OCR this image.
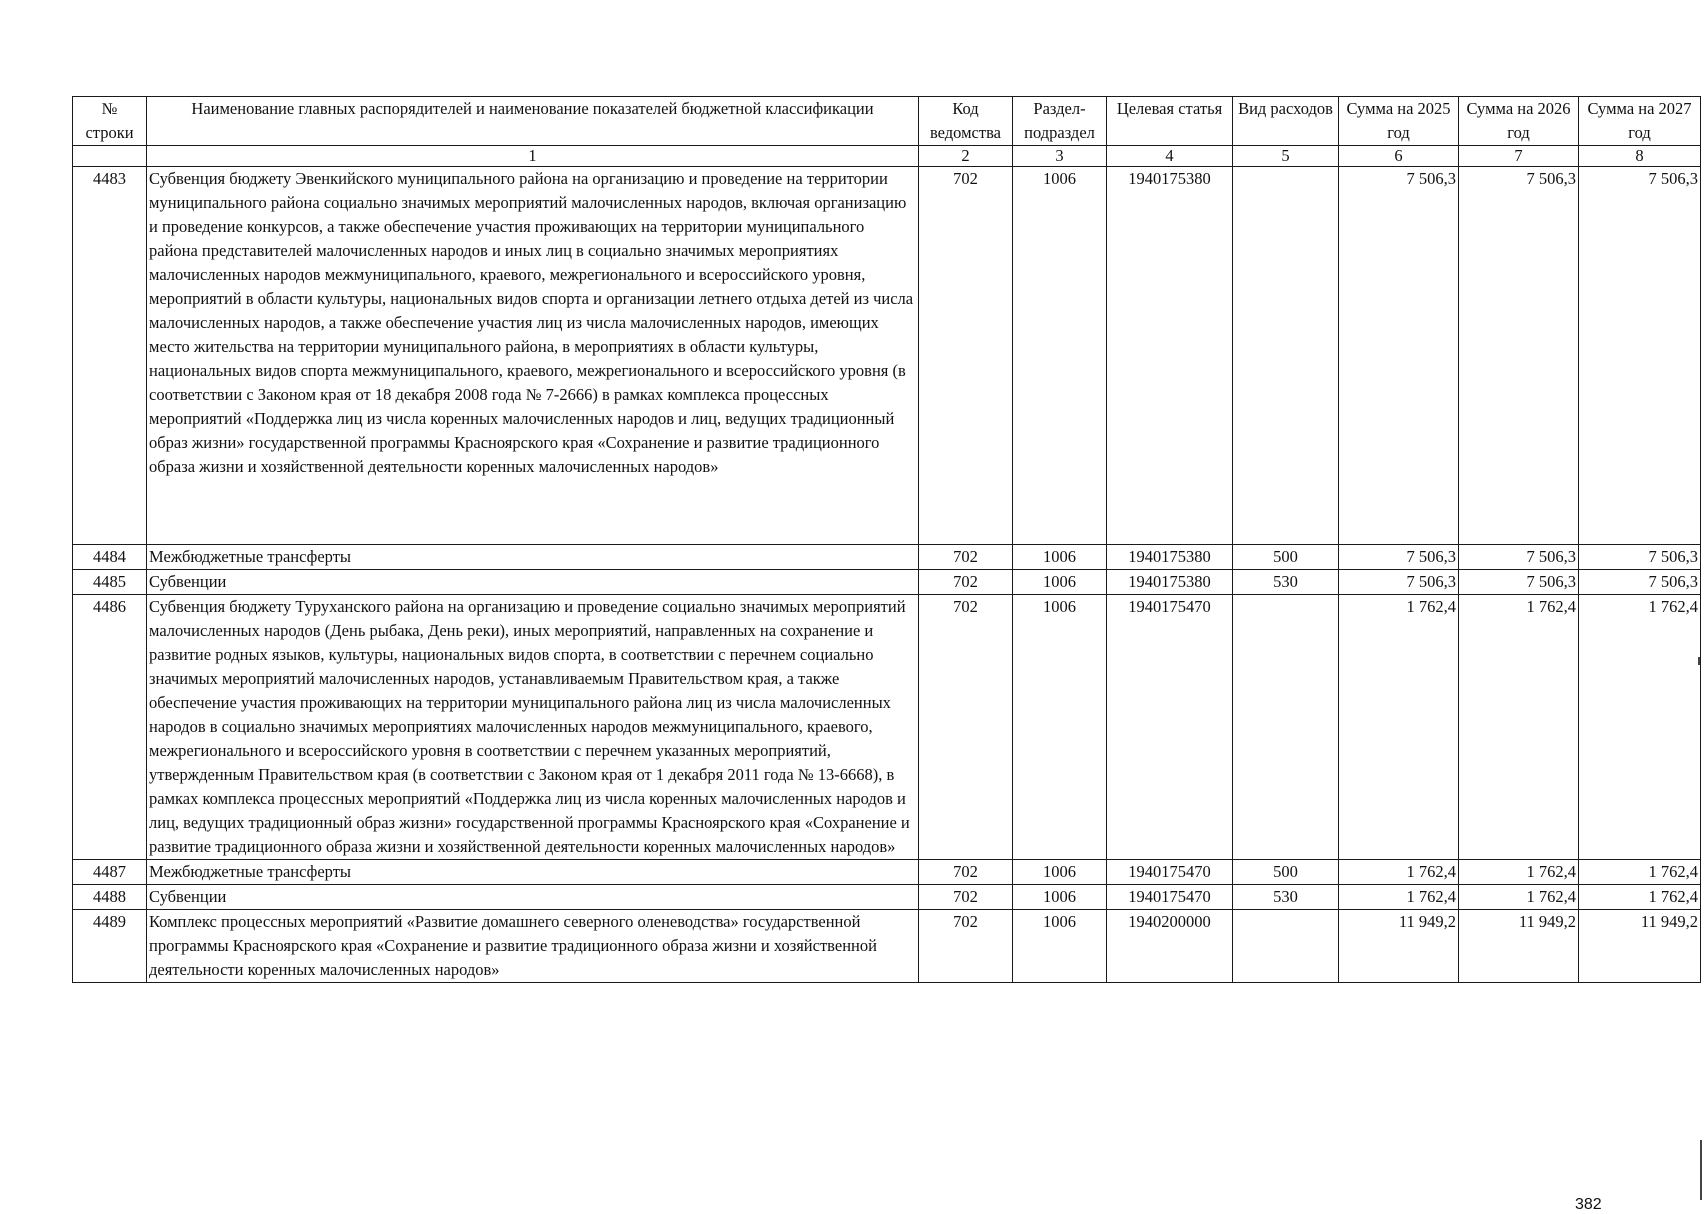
№ строки	Наименование главных распорядителей и наименование показателей бюджетной классификации	Код ведомства	Раздел-подраздел	Целевая статья	Вид расходов	Сумма на 2025 год	Сумма на 2026 год	Сумма на 2027 год
	1	2	3	4	5	6	7	8
4483	Субвенция бюджету Эвенкийского муниципального района на организацию и проведение на территории муниципального района социально значимых мероприятий малочисленных народов, включая организацию и проведение конкурсов, а также обеспечение участия проживающих на территории муниципального района представителей малочисленных народов и иных лиц в социально значимых мероприятиях малочисленных народов межмуниципального, краевого, межрегионального и всероссийского уровня, мероприятий в области культуры, национальных видов спорта и организации летнего отдыха детей из числа малочисленных народов, а также обеспечение участия лиц из числа малочисленных народов, имеющих место жительства на территории муниципального района, в мероприятиях в области культуры, национальных видов спорта межмуниципального, краевого, межрегионального и всероссийского уровня (в соответствии с Законом края от 18 декабря 2008 года № 7-2666) в рамках комплекса процессных мероприятий «Поддержка лиц из числа коренных малочисленных народов и лиц, ведущих традиционный образ жизни» государственной программы Красноярского края «Сохранение и развитие традиционного образа жизни и хозяйственной деятельности коренных малочисленных народов»	702	1006	1940175380		7 506,3	7 506,3	7 506,3
4484	Межбюджетные трансферты	702	1006	1940175380	500	7 506,3	7 506,3	7 506,3
4485	Субвенции	702	1006	1940175380	530	7 506,3	7 506,3	7 506,3
4486	Субвенция бюджету Туруханского района на организацию и проведение социально значимых мероприятий малочисленных народов (День рыбака, День реки), иных мероприятий, направленных на сохранение и развитие родных языков, культуры, национальных видов спорта, в соответствии с перечнем социально значимых мероприятий малочисленных народов, устанавливаемым Правительством края, а также обеспечение участия проживающих на территории муниципального района лиц из числа малочисленных народов в социально значимых мероприятиях малочисленных народов межмуниципального, краевого, межрегионального и всероссийского уровня в соответствии с перечнем указанных мероприятий, утвержденным Правительством края (в соответствии с Законом края от 1 декабря 2011 года № 13-6668), в рамках комплекса процессных мероприятий «Поддержка лиц из числа коренных малочисленных народов и лиц, ведущих традиционный образ жизни» государственной программы Красноярского края «Сохранение и развитие традиционного образа жизни и хозяйственной деятельности коренных малочисленных народов»	702	1006	1940175470		1 762,4	1 762,4	1 762,4
4487	Межбюджетные трансферты	702	1006	1940175470	500	1 762,4	1 762,4	1 762,4
4488	Субвенции	702	1006	1940175470	530	1 762,4	1 762,4	1 762,4
4489	Комплекс процессных мероприятий «Развитие домашнего северного оленеводства» государственной программы Красноярского края «Сохранение и развитие традиционного образа жизни и хозяйственной деятельности коренных малочисленных народов»	702	1006	1940200000		11 949,2	11 949,2	11 949,2
382
